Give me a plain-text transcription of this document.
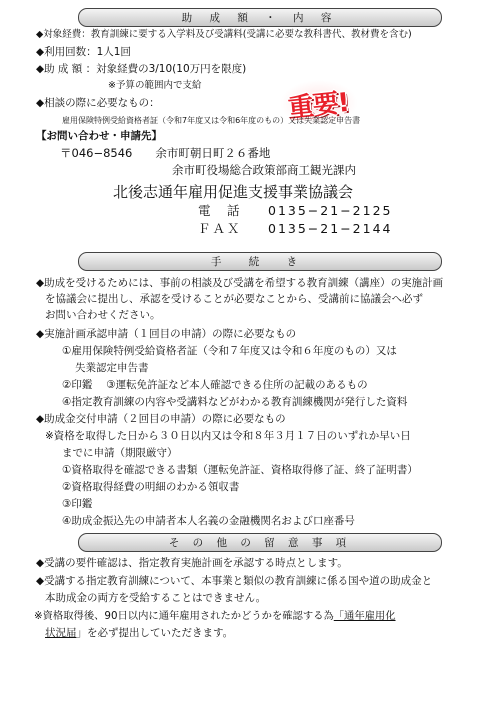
助 成 額 ・ 内 容
◆対象経費：教育訓練に要する入学料及び受講料(受講に必要な教科書代、教材費を含む)
◆利用回数：1人1回
◆助 成 額 ：対象経費の3/10(10万円を限度)
※予算の範囲内で支給
重要!
◆相談の際に必要なもの：
雇用保険特例受給資格者証（令和7年度又は令和6年度のもの）又は失業認定申告書
【お問い合わせ・申請先】
〒046−8546　　余市町朝日町２６番地
余市町役場総合政策部商工観光課内
北後志通年雇用促進支援事業協議会
電　話 0135−21−2125
ＦＡＸ 0135−21−2144
手 続 き
◆助成を受けるためには、事前の相談及び受講を希望する教育訓練（講座）の実施計画
を協議会に提出し、承認を受けることが必要なことから、受講前に協議会へ必ず
お問い合わせください。
◆実施計画承認申請（１回目の申請）の際に必要なもの
①雇用保険特例受給資格者証（令和７年度又は令和６年度のもの）又は
失業認定申告書
②印鑑　 ③運転免許証など本人確認できる住所の記載のあるもの
④指定教育訓練の内容や受講料などがわかる教育訓練機関が発行した資料
◆助成金交付申請（２回目の申請）の際に必要なもの
※資格を取得した日から３０日以内又は令和８年３月１７日のいずれか早い日
までに申請（期限厳守）
①資格取得を確認できる書類（運転免許証、資格取得修了証、終了証明書）
②資格取得経費の明細のわかる領収書
③印鑑
④助成金振込先の申請者本人名義の金融機関名および口座番号
そ の 他 の 留 意 事 項
◆受講の要件確認は、指定教育実施計画を承認する時点とします。
◆受講する指定教育訓練について、本事業と類似の教育訓練に係る国や道の助成金と
本助成金の両方を受給することはできません。
※資格取得後、90日以内に通年雇用されたかどうかを確認する為「通年雇用化
状況届」を必ず提出していただきます。
